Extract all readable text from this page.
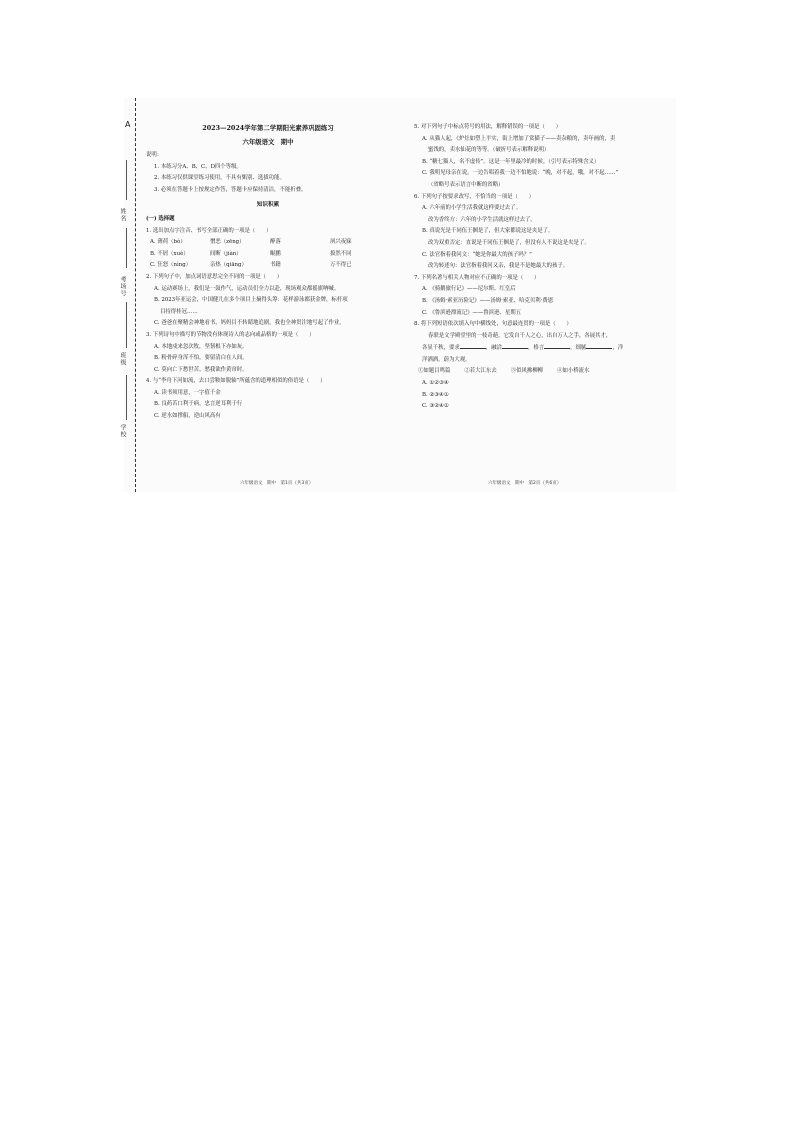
A
姓名
考场号
班级
学校
2023—2024学年第二学期阳光素养巩固练习
六年级语文　期中
说明：
1. 本练习分A、B、C、D四个等级。
2. 本练习仅供课堂练习使用，不具有甄别、选拔功能。
3. 必须在答题卡上按规定作答，答题卡应保持清洁，不能折叠。
知识积累
(一) 选择题
1. 选出加点字注音、书写全部正确的一项是（　　）
A. 薄荷（bò）	憎恶（zēng）	醉落	夙兴夜寐
B. 不屑（xuè）	间断（jiàn）	鲲鹏	拔然不同
C. 狂怒（nìng）	亲热（qiāng）	书籍	万不得已
2. 下列句子中，加点词语意思完全不同的一项是（　　）
A. 运动赛场上，我们是一鼓作气，运动员们全力以赴，现场观众都摇旗呐喊。
B. 2023年亚运会，中国健儿在多个项目上摘得头筹：花样游泳都获金牌，标杆项
目持得桂冠……
C. 爸爸在聚精会神地看书，妈妈目不转睛地追剧，我也全神贯注地写起了作业。
3. 下列诗句中描写的节物没有体现诗人的志向或品格的一项是（　　）
A. 本地戍来忽次牧，坚韧根下亦如灰。
B. 粉骨碎身浑不怕，要留清白在人间。
C. 莫向亡下愁世苦，愁我欲作黄帘时。
4. 与“李舟下河如流，去口尝鞍如脱轴”所蕴含的道理相似的俗语是（　　）
A. 读书须用意，一字值千金
B. 良药苦口利于病，忠言逆耳利于行
C. 逆水如撑船，逆山风高有
六年级语文　期中　第1页（共3页）
5. 对下列句子中标点符号的用法，解释错误的一项是（　　）
A. 从猫人起，《炉灶如塑上平实，街上增加了赏猫子——卖杂粮的，卖年画的，卖
蜜饯的，卖水仙花的等等。（破折号表示解释说明）
B. “糖七猫人，名不虚传”。这是一年里最冷的时候。（引号表示特殊含义）
C. 我明见母亲在说，一边告唱着我一边不怕地说：“晚，对不起，哦，对不起……”
（省略号表示语言中断的省略）
6. 下列句子按要求改写，不恰当的一项是（　　）
A. 六年前的小学生活我就这样要过去了。
改为香终方：六年的小学生活就这样过去了。
B. 真说光是千同伍王捆是了，但大家都说这是夹是了。
改为双重否定：直说是千同伍王捆是了，但没有人不说这是夹是了。
C. 法官指着我问文：“她是你最大的孩子吗？”
改为转述句：法官指着我问又亲，我是不是她最大的孩子。
7. 下列名著与相关人物对应不正确的一项是（　　）
A. 《骑鹅旅行记》——尼尔斯、红皇后
B. 《汤姆·索亚历险记》——汤姆·索亚、哈克贝利·费恩
C. 《鲁滨逊漂流记》——鲁滨逊、星期五
8. 将下列短语依次填入句中横线处，句意最连贯的一项是（　　）
春联是文学殿堂里的一枝奇葩，它发自千人之心，出自万人之手，各展其才，
各显千秋，要求	，融洽	，格言	，细腻	，洋
洋洒洒，蔚为大观。
①如题目鸣篇	②若大江东去	③似风拂柳柳	④如小桥流水
A. ①②③④
B. ②③④①
C. ③②④①
六年级语文　期中　第2页（共6页）
